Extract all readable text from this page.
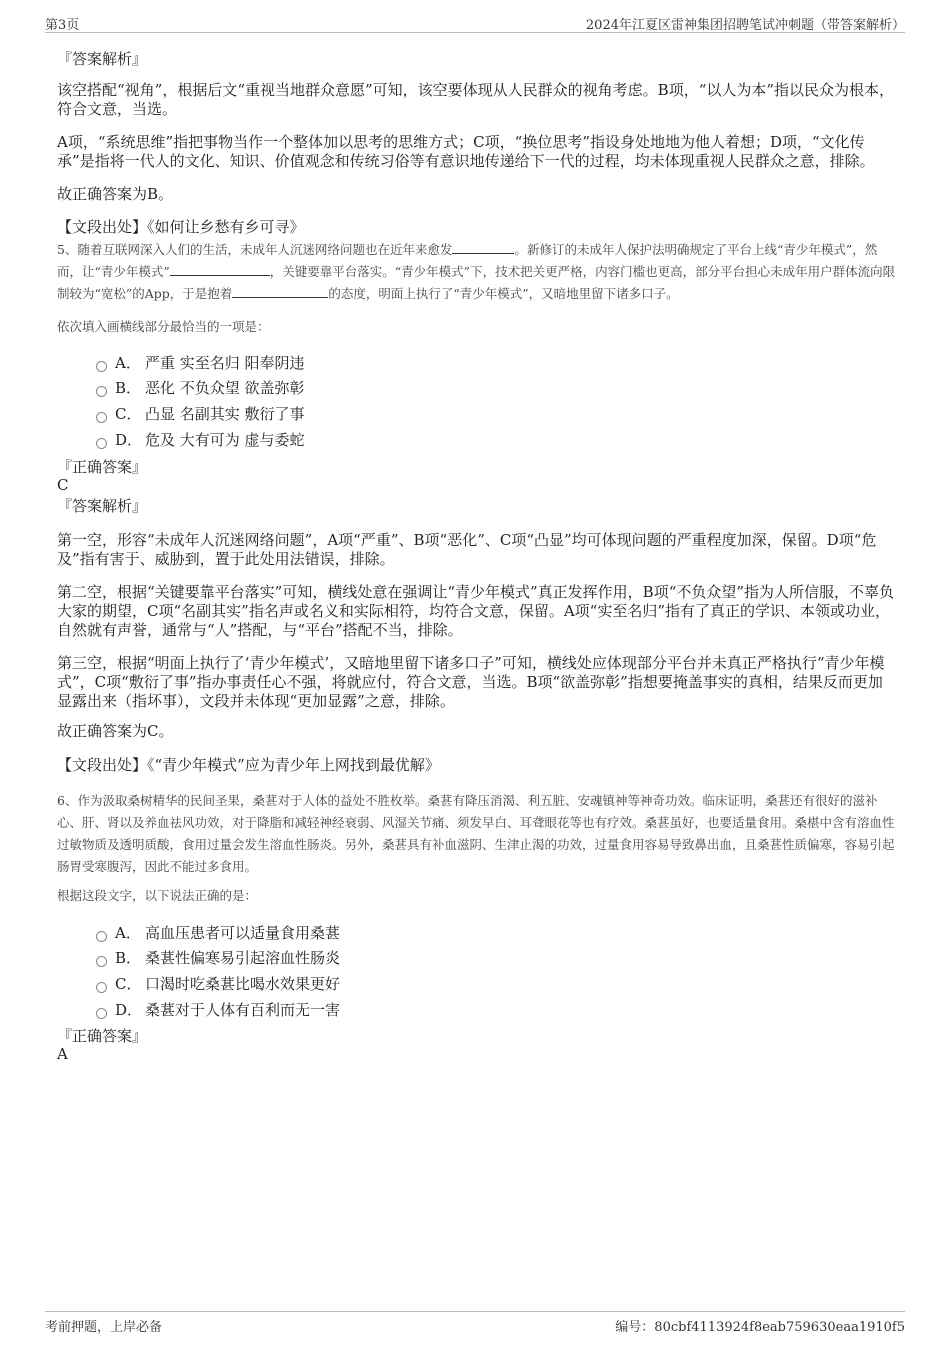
第3页	2024年江夏区雷神集团招聘笔试冲刺题（带答案解析）
『答案解析』
该空搭配“视角”，根据后文“重视当地群众意愿”可知，该空要体现从人民群众的视角考虑。B项，“以人为本”指以民众为根本，符合文意，当选。
A项，“系统思维”指把事物当作一个整体加以思考的思维方式；C项，“换位思考”指设身处地地为他人着想；D项，“文化传承”是指将一代人的文化、知识、价值观念和传统习俗等有意识地传递给下一代的过程，均未体现重视人民群众之意，排除。
故正确答案为B。
【文段出处】《如何让乡愁有乡可寻》
5、随着互联网深入人们的生活，未成年人沉迷网络问题也在近年来愈发	。新修订的未成年人保护法明确规定了平台上线“青少年模式”，然而，让“青少年模式”	，关键要靠平台落实。“青少年模式”下，技术把关更严格，内容门槛也更高，部分平台担心未成年用户群体流向限制较为“宽松”的App，于是抱着	的态度，明面上执行了“青少年模式”，又暗地里留下诸多口子。
依次填入画横线部分最恰当的一项是：
A． 严重 实至名归 阳奉阴违
B． 恶化 不负众望 欲盖弥彰
C． 凸显 名副其实 敷衍了事
D． 危及 大有可为 虚与委蛇
『正确答案』
C
『答案解析』
第一空，形容“未成年人沉迷网络问题”，A项“严重”、B项“恶化”、C项“凸显”均可体现问题的严重程度加深，保留。D项“危及”指有害于、威胁到，置于此处用法错误，排除。
第二空，根据“关键要靠平台落实”可知，横线处意在强调让“青少年模式”真正发挥作用，B项“不负众望”指为人所信服，不辜负大家的期望，C项“名副其实”指名声或名义和实际相符，均符合文意，保留。A项“实至名归”指有了真正的学识、本领或功业，自然就有声誉，通常与“人”搭配，与“平台”搭配不当，排除。
第三空，根据“明面上执行了‘青少年模式’，又暗地里留下诸多口子”可知，横线处应体现部分平台并未真正严格执行“青少年模式”，C项“敷衍了事”指办事责任心不强，将就应付，符合文意，当选。B项“欲盖弥彰”指想要掩盖事实的真相，结果反而更加显露出来（指坏事），文段并未体现“更加显露”之意，排除。
故正确答案为C。
【文段出处】《“青少年模式”应为青少年上网找到最优解》
6、作为汲取桑树精华的民间圣果，桑葚对于人体的益处不胜枚举。桑葚有降压消渴、利五脏、安魂镇神等神奇功效。临床证明，桑葚还有很好的滋补心、肝、肾以及养血祛风功效，对于降脂和减轻神经衰弱、风湿关节痛、须发早白、耳聋眼花等也有疗效。桑葚虽好，也要适量食用。桑椹中含有溶血性过敏物质及透明质酸，食用过量会发生溶血性肠炎。另外，桑葚具有补血滋阴、生津止渴的功效，过量食用容易导致鼻出血，且桑葚性质偏寒，容易引起肠胃受寒腹泻，因此不能过多食用。
根据这段文字，以下说法正确的是：
A． 高血压患者可以适量食用桑葚
B． 桑葚性偏寒易引起溶血性肠炎
C． 口渴时吃桑葚比喝水效果更好
D． 桑葚对于人体有百利而无一害
『正确答案』
A
考前押题，上岸必备	编号：80cbf4113924f8eab759630eaa1910f5
